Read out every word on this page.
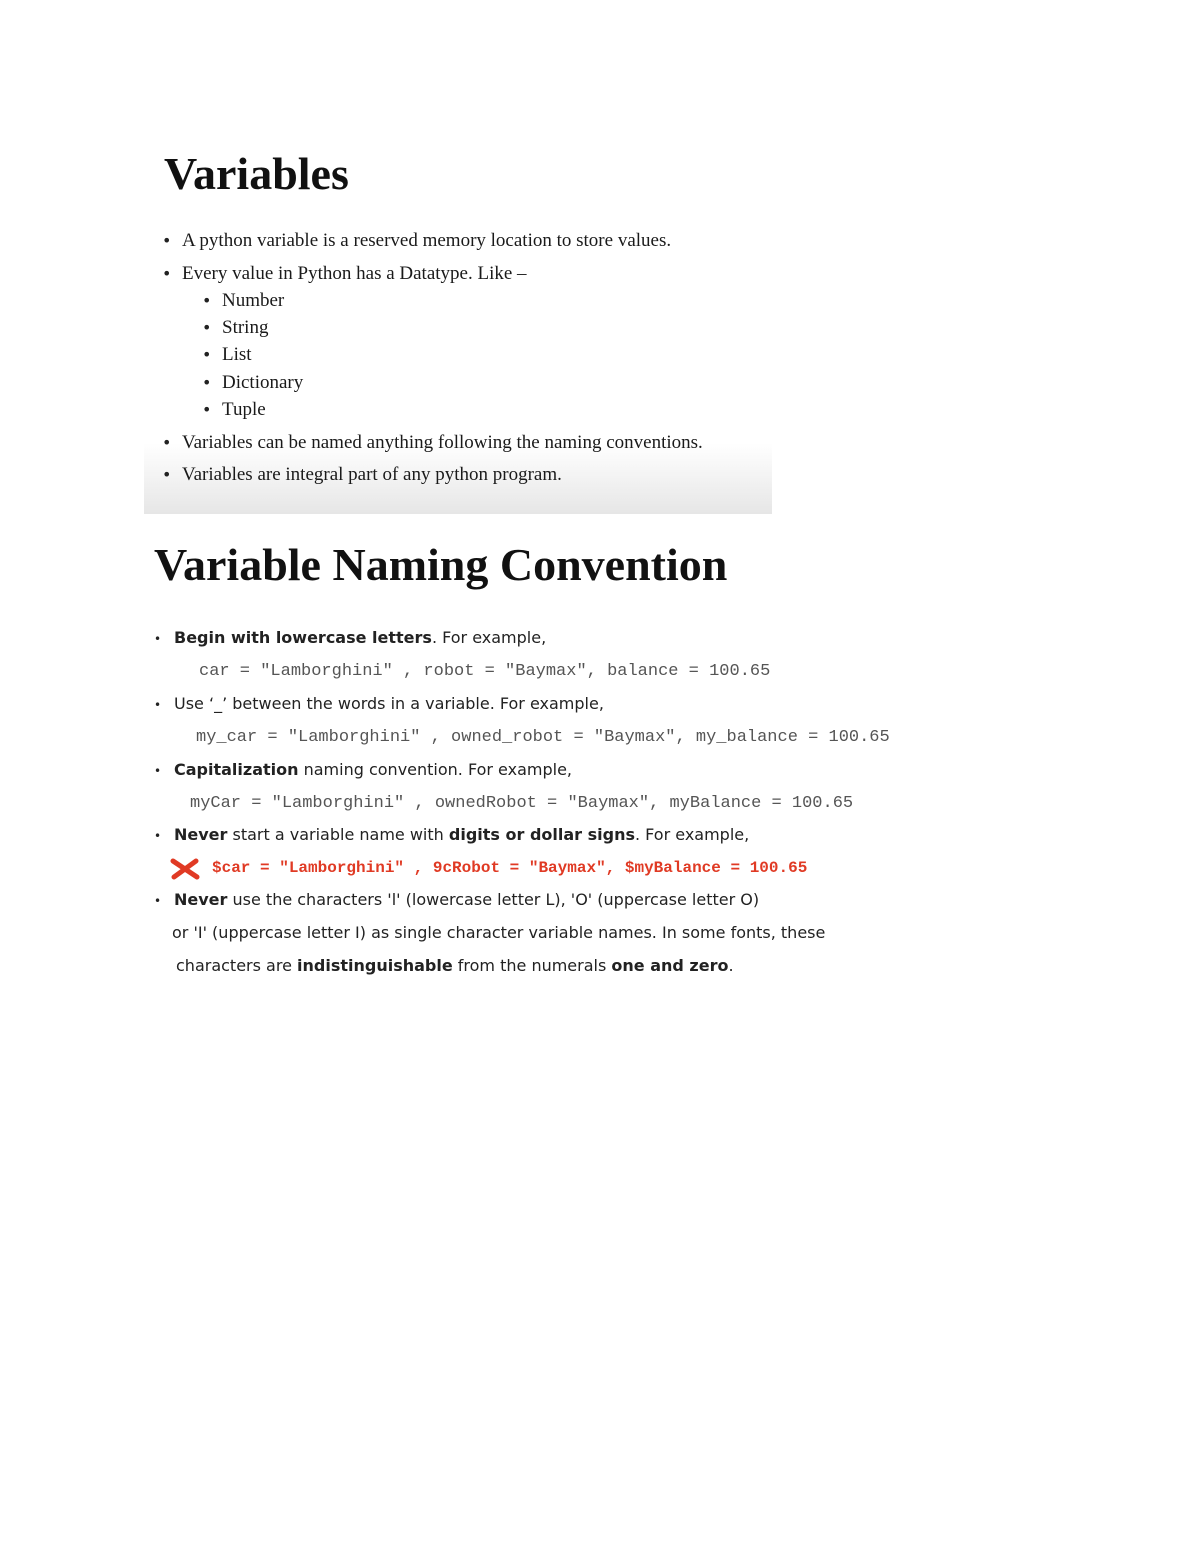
Variables
• A python variable is a reserved memory location to store values.
• Every value in Python has a Datatype. Like –
• Number
• String
• List
• Dictionary
• Tuple
• Variables can be named anything following the naming conventions.
• Variables are integral part of any python program.
Variable Naming Convention
• Begin with lowercase letters. For example,
car = "Lamborghini" , robot = "Baymax", balance = 100.65
• Use ‘_’ between the words in a variable. For example,
my_car = "Lamborghini" , owned_robot = "Baymax", my_balance = 100.65
• Capitalization naming convention. For example,
myCar = "Lamborghini" , ownedRobot = "Baymax", myBalance = 100.65
• Never start a variable name with digits or dollar signs. For example,
$car = "Lamborghini" , 9cRobot = "Baymax", $myBalance = 100.65
• Never use the characters 'l' (lowercase letter L), 'O' (uppercase letter O)
or 'I' (uppercase letter I) as single character variable names. In some fonts, these
characters are indistinguishable from the numerals one and zero.
